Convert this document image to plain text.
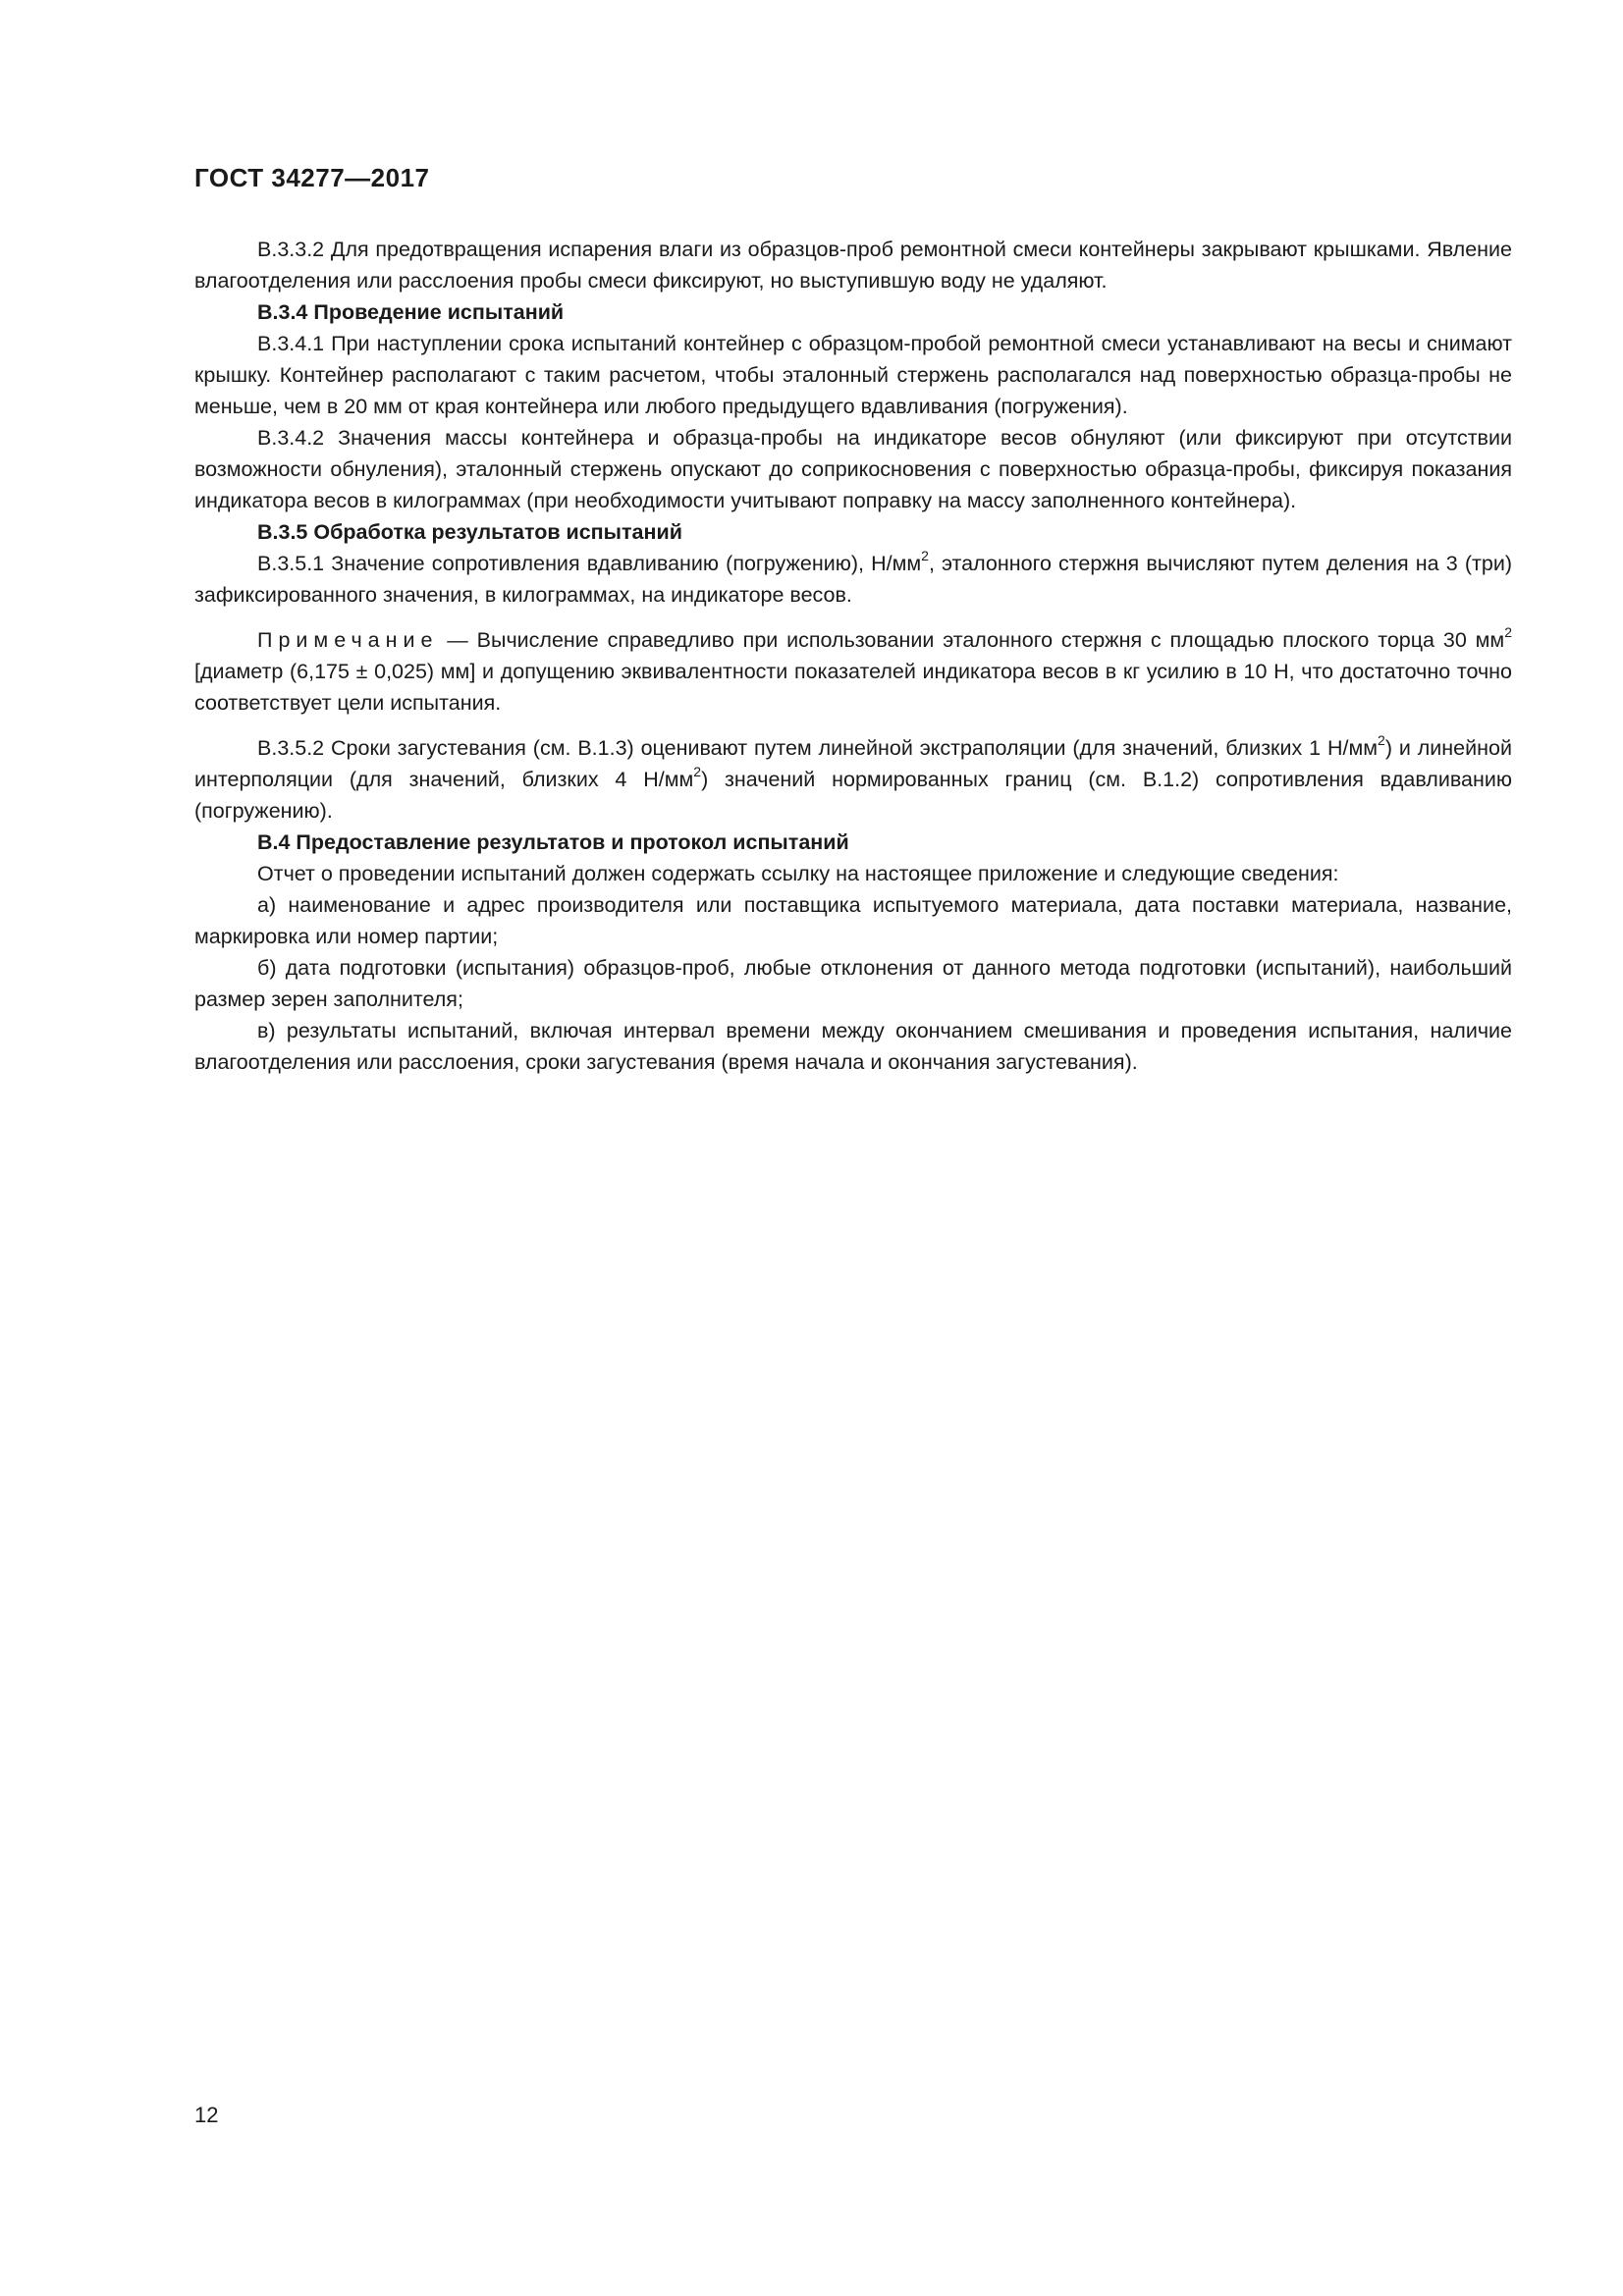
ГОСТ 34277—2017

В.3.3.2 Для предотвращения испарения влаги из образцов-проб ремонтной смеси контейнеры закрывают крышками. Явление влагоотделения или расслоения пробы смеси фиксируют, но выступившую воду не удаляют.

В.3.4 Проведение испытаний

В.3.4.1 При наступлении срока испытаний контейнер с образцом-пробой ремонтной смеси устанавливают на весы и снимают крышку. Контейнер располагают с таким расчетом, чтобы эталонный стержень располагался над поверхностью образца-пробы не меньше, чем в 20 мм от края контейнера или любого предыдущего вдавливания (погружения).

В.3.4.2 Значения массы контейнера и образца-пробы на индикаторе весов обнуляют (или фиксируют при отсутствии возможности обнуления), эталонный стержень опускают до соприкосновения с поверхностью образца-пробы, фиксируя показания индикатора весов в килограммах (при необходимости учитывают поправку на массу заполненного контейнера).

В.3.5 Обработка результатов испытаний

В.3.5.1 Значение сопротивления вдавливанию (погружению), $Н/мм^2$, эталонного стержня вычисляют путем деления на 3 (три) зафиксированного значения, в килограммах, на индикаторе весов.

Примечание — Вычисление справедливо при использовании эталонного стержня с площадью плоского торца 30 $мм^2$ [диаметр (6,175 ± 0,025) мм] и допущению эквивалентности показателей индикатора весов в кг усилию в 10 Н, что достаточно точно соответствует цели испытания.

В.3.5.2 Сроки загустевания (см. В.1.3) оценивают путем линейной экстраполяции (для значений, близких 1 $Н/мм^2$) и линейной интерполяции (для значений, близких 4 $Н/мм^2$) значений нормированных границ (см. В.1.2) сопротивления вдавливанию (погружению).

В.4 Предоставление результатов и протокол испытаний

Отчет о проведении испытаний должен содержать ссылку на настоящее приложение и следующие сведения:

а) наименование и адрес производителя или поставщика испытуемого материала, дата поставки материала, название, маркировка или номер партии;

б) дата подготовки (испытания) образцов-проб, любые отклонения от данного метода подготовки (испытаний), наибольший размер зерен заполнителя;

в) результаты испытаний, включая интервал времени между окончанием смешивания и проведения испытания, наличие влагоотделения или расслоения, сроки загустевания (время начала и окончания загустевания).

12
